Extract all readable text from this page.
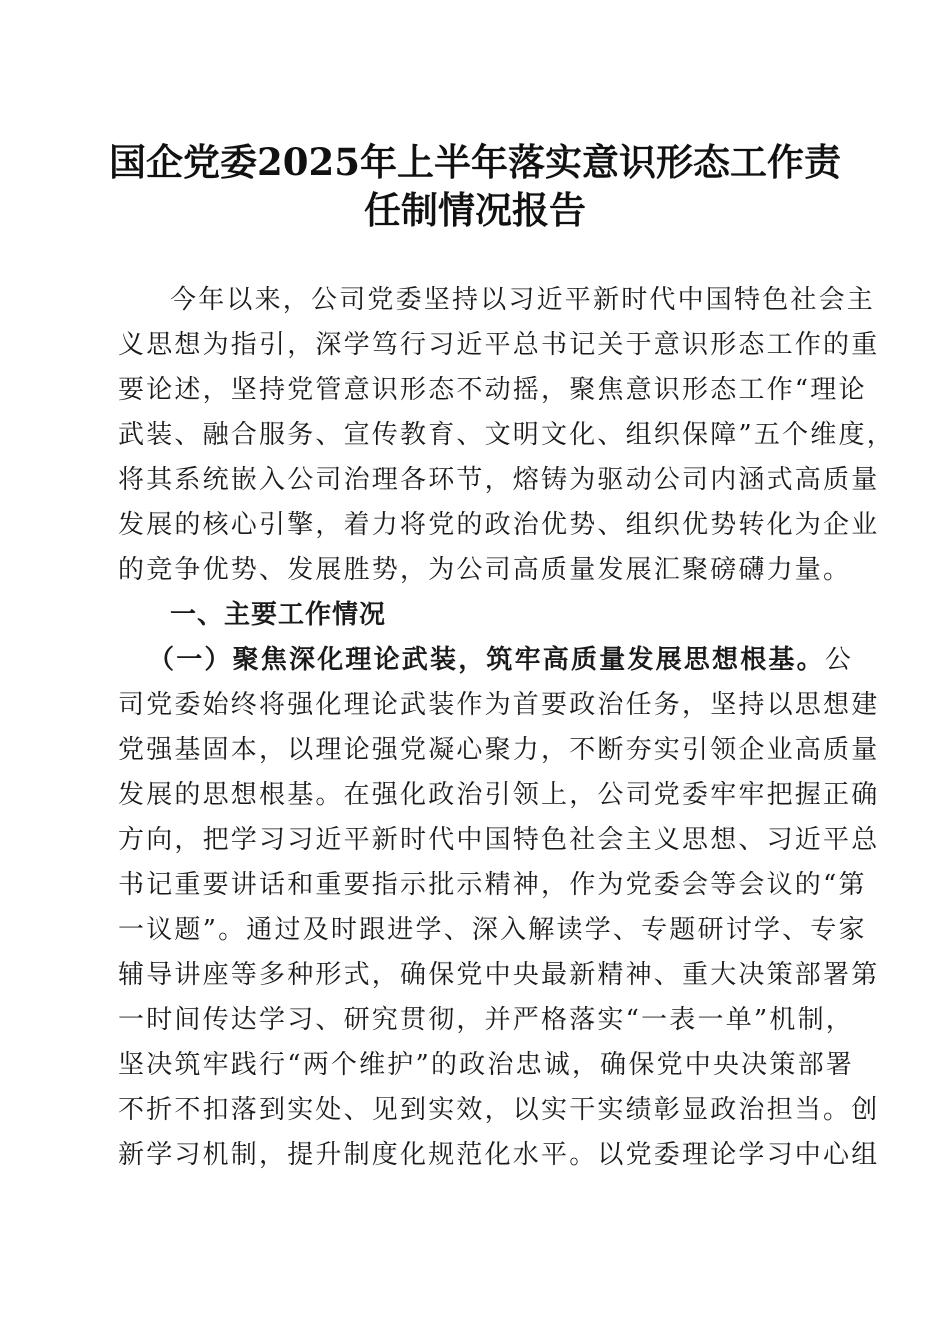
国企党委2025年上半年落实意识形态工作责
任制情况报告
今年以来，公司党委坚持以习近平新时代中国特色社会主
义思想为指引，深学笃行习近平总书记关于意识形态工作的重
要论述，坚持党管意识形态不动摇，聚焦意识形态工作“理论
武装、融合服务、宣传教育、文明文化、组织保障”五个维度，
将其系统嵌入公司治理各环节，熔铸为驱动公司内涵式高质量
发展的核心引擎，着力将党的政治优势、组织优势转化为企业
的竞争优势、发展胜势，为公司高质量发展汇聚磅礴力量。
一、主要工作情况
（一）聚焦深化理论武装，筑牢高质量发展思想根基。公
司党委始终将强化理论武装作为首要政治任务，坚持以思想建
党强基固本，以理论强党凝心聚力，不断夯实引领企业高质量
发展的思想根基。在强化政治引领上，公司党委牢牢把握正确
方向，把学习习近平新时代中国特色社会主义思想、习近平总
书记重要讲话和重要指示批示精神，作为党委会等会议的“第
一议题”。通过及时跟进学、深入解读学、专题研讨学、专家
辅导讲座等多种形式，确保党中央最新精神、重大决策部署第
一时间传达学习、研究贯彻，并严格落实“一表一单”机制，
坚决筑牢践行“两个维护”的政治忠诚，确保党中央决策部署
不折不扣落到实处、见到实效，以实干实绩彰显政治担当。创
新学习机制，提升制度化规范化水平。以党委理论学习中心组
